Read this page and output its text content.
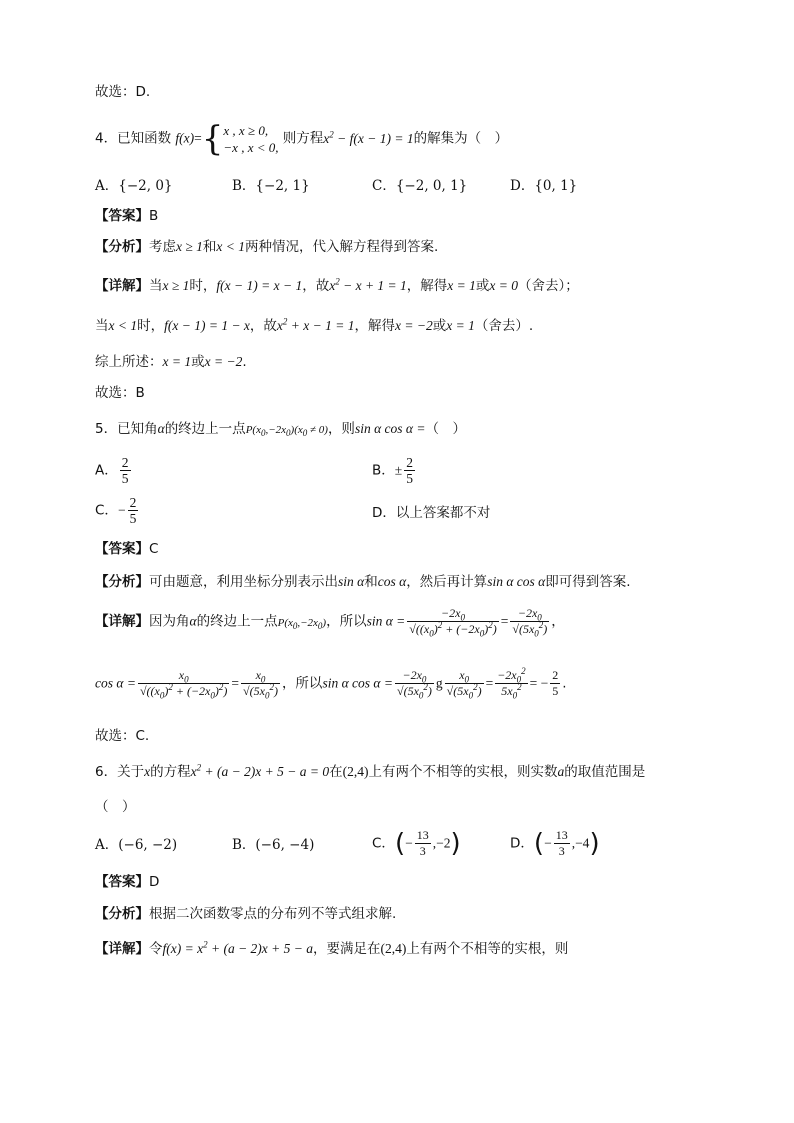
故选：D.
4．已知函数 f(x)={ x , x ≥ 0,
−x , x < 0,
则方程$x^2 - f(x - 1) = 1$的解集为（　）
A．{−2, 0}	B．{−2, 1}	C．{−2, 0, 1}	D．{0, 1}
【答案】B
【分析】考虑x ≥ 1和x < 1两种情况，代入解方程得到答案.
【详解】当x ≥ 1时，f(x − 1) = x − 1，故$x^2 - x + 1 = 1$，解得x = 1或x = 0（舍去）；
当x < 1时，f(x − 1) = 1 − x，故$x^2 + x - 1 = 1$，解得x = −2或x = 1（舍去）.
综上所述：x = 1或x = −2.
故选：B
5．已知角α的终边上一点$P(x_0,-2x_0)(x_0 \ne 0)$，则sin α cos α =（　）
A． $\frac{2}{5}$	B．± $\frac{2}{5}$
C．− $\frac{2}{5}$	D．以上答案都不对
【答案】C
【分析】可由题意，利用坐标分别表示出sin α和cos α，然后再计算sin α cos α即可得到答案.
【详解】因为角α的终边上一点$P(x_0,-2x_0)$，所以$\sin \alpha = \frac{-2x_0}{√((x_0)^2 + (-2x_0)^2)} = \frac{-2x_0}{√(5x_0^2)}$ ，
$\cos \alpha = \frac{x_0}{√((x_0)^2 + (-2x_0)^2)} = \frac{x_0}{√(5x_0^2)}$ ，所以sin α $\cos \alpha = \frac{-2x_0}{√(5x_0^2)}$ g $\frac{x_0}{√(5x_0^2)} = \frac{-2x_0^2}{5x_0^2}$ = − $\frac{2}{5}$ .
故选：C.
6．关于x的方程$x^2 + (a - 2)x + 5 - a = 0$在(2,4)上有两个不相等的实根，则实数a的取值范围是
（　）
A．(−6, −2)	B．(−6, −4)	C．(− $\frac{13}{3} ,-2$)	D．(− $\frac{13}{3} ,-4$)
【答案】D
【分析】根据二次函数零点的分布列不等式组求解.
【详解】令$f(x) = x^2 + (a - 2)x + 5 - a$，要满足在(2,4)上有两个不相等的实根，则
